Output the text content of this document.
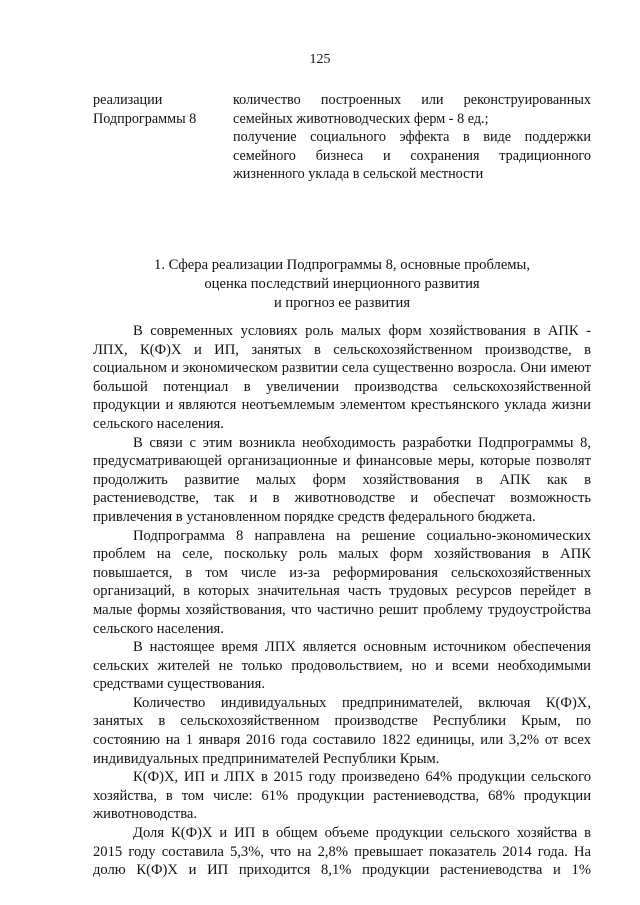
125
реализации Подпрограммы 8
количество построенных или реконструированных семейных животноводческих ферм - 8 ед.;
получение социального эффекта в виде поддержки семейного бизнеса и сохранения традиционного жизненного уклада в сельской местности
1. Сфера реализации Подпрограммы 8, основные проблемы,
оценка последствий инерционного развития
и прогноз ее развития

В современных условиях роль малых форм хозяйствования в АПК - ЛПХ, К(Ф)Х и ИП, занятых в сельскохозяйственном производстве, в социальном и экономическом развитии села существенно возросла. Они имеют большой потенциал в увеличении производства сельскохозяйственной продукции и являются неотъемлемым элементом крестьянского уклада жизни сельского населения.

В связи с этим возникла необходимость разработки Подпрограммы 8, предусматривающей организационные и финансовые меры, которые позволят продолжить развитие малых форм хозяйствования в АПК как в растениеводстве, так и в животноводстве и обеспечат возможность привлечения в установленном порядке средств федерального бюджета.

Подпрограмма 8 направлена на решение социально-экономических проблем на селе, поскольку роль малых форм хозяйствования в АПК повышается, в том числе из-за реформирования сельскохозяйственных организаций, в которых значительная часть трудовых ресурсов перейдет в малые формы хозяйствования, что частично решит проблему трудоустройства сельского населения.

В настоящее время ЛПХ является основным источником обеспечения сельских жителей не только продовольствием, но и всеми необходимыми средствами существования.

Количество индивидуальных предпринимателей, включая К(Ф)Х, занятых в сельскохозяйственном производстве Республики Крым, по состоянию на 1 января 2016 года составило 1822 единицы, или 3,2% от всех индивидуальных предпринимателей Республики Крым.

К(Ф)Х, ИП и ЛПХ в 2015 году произведено 64% продукции сельского хозяйства, в том числе: 61% продукции растениеводства, 68% продукции животноводства.

Доля К(Ф)Х и ИП в общем объеме продукции сельского хозяйства в 2015 году составила 5,3%, что на 2,8% превышает показатель 2014 года. На долю К(Ф)Х и ИП приходится 8,1% продукции растениеводства и 1%
